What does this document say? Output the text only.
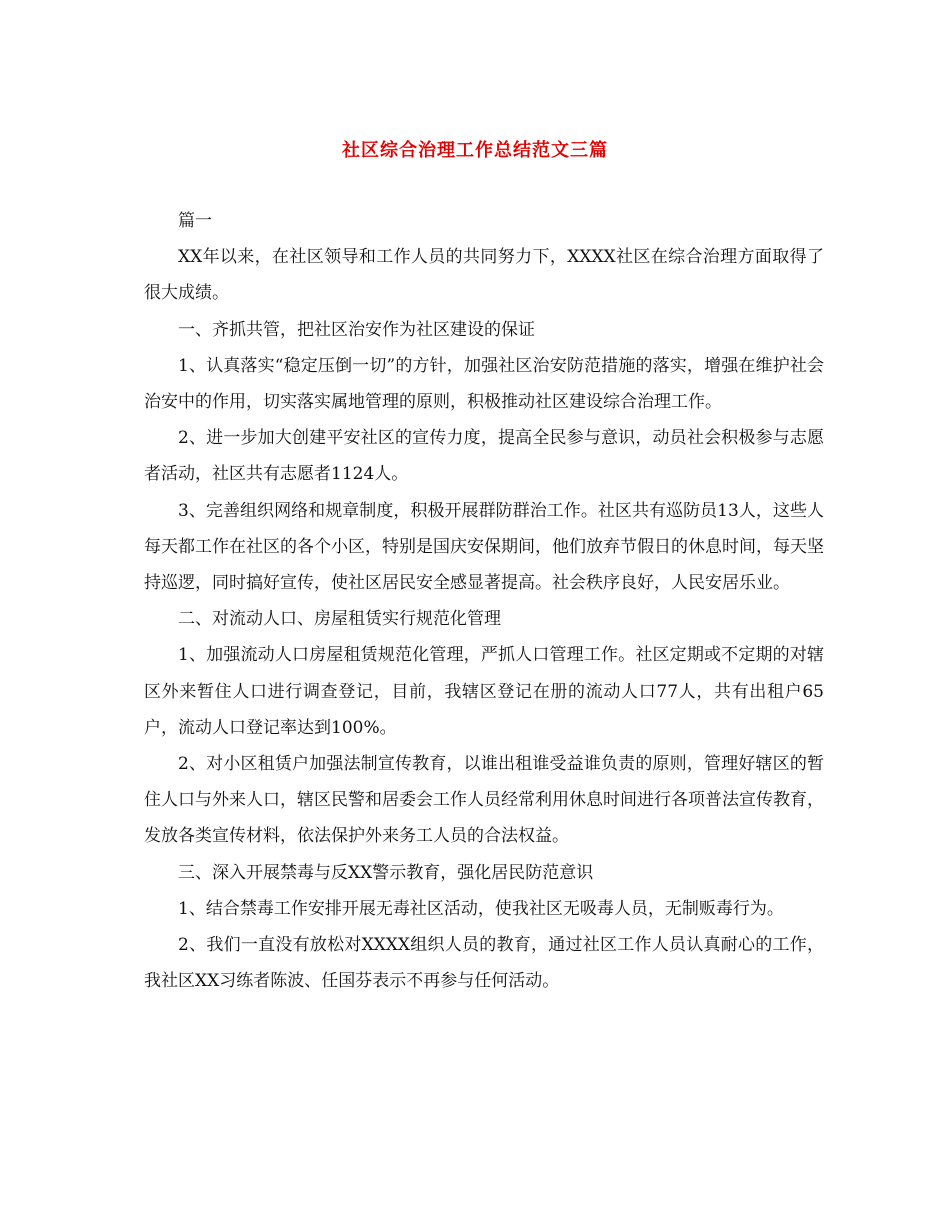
社区综合治理工作总结范文三篇

篇一

XX年以来，在社区领导和工作人员的共同努力下，XXXX社区在综合治理方面取得了很大成绩。

一、齐抓共管，把社区治安作为社区建设的保证

1、认真落实“稳定压倒一切”的方针，加强社区治安防范措施的落实，增强在维护社会治安中的作用，切实落实属地管理的原则，积极推动社区建设综合治理工作。

2、进一步加大创建平安社区的宣传力度，提高全民参与意识，动员社会积极参与志愿者活动，社区共有志愿者1124人。

3、完善组织网络和规章制度，积极开展群防群治工作。社区共有巡防员13人，这些人每天都工作在社区的各个小区，特别是国庆安保期间，他们放弃节假日的休息时间，每天坚持巡逻，同时搞好宣传，使社区居民安全感显著提高。社会秩序良好，人民安居乐业。

二、对流动人口、房屋租赁实行规范化管理

1、加强流动人口房屋租赁规范化管理，严抓人口管理工作。社区定期或不定期的对辖区外来暂住人口进行调查登记，目前，我辖区登记在册的流动人口77人，共有出租户65户，流动人口登记率达到100%。

2、对小区租赁户加强法制宣传教育，以谁出租谁受益谁负责的原则，管理好辖区的暂住人口与外来人口，辖区民警和居委会工作人员经常利用休息时间进行各项普法宣传教育，发放各类宣传材料，依法保护外来务工人员的合法权益。

三、深入开展禁毒与反XX警示教育，强化居民防范意识

1、结合禁毒工作安排开展无毒社区活动，使我社区无吸毒人员，无制贩毒行为。

2、我们一直没有放松对XXXX组织人员的教育，通过社区工作人员认真耐心的工作，我社区XX习练者陈波、任国芬表示不再参与任何活动。
